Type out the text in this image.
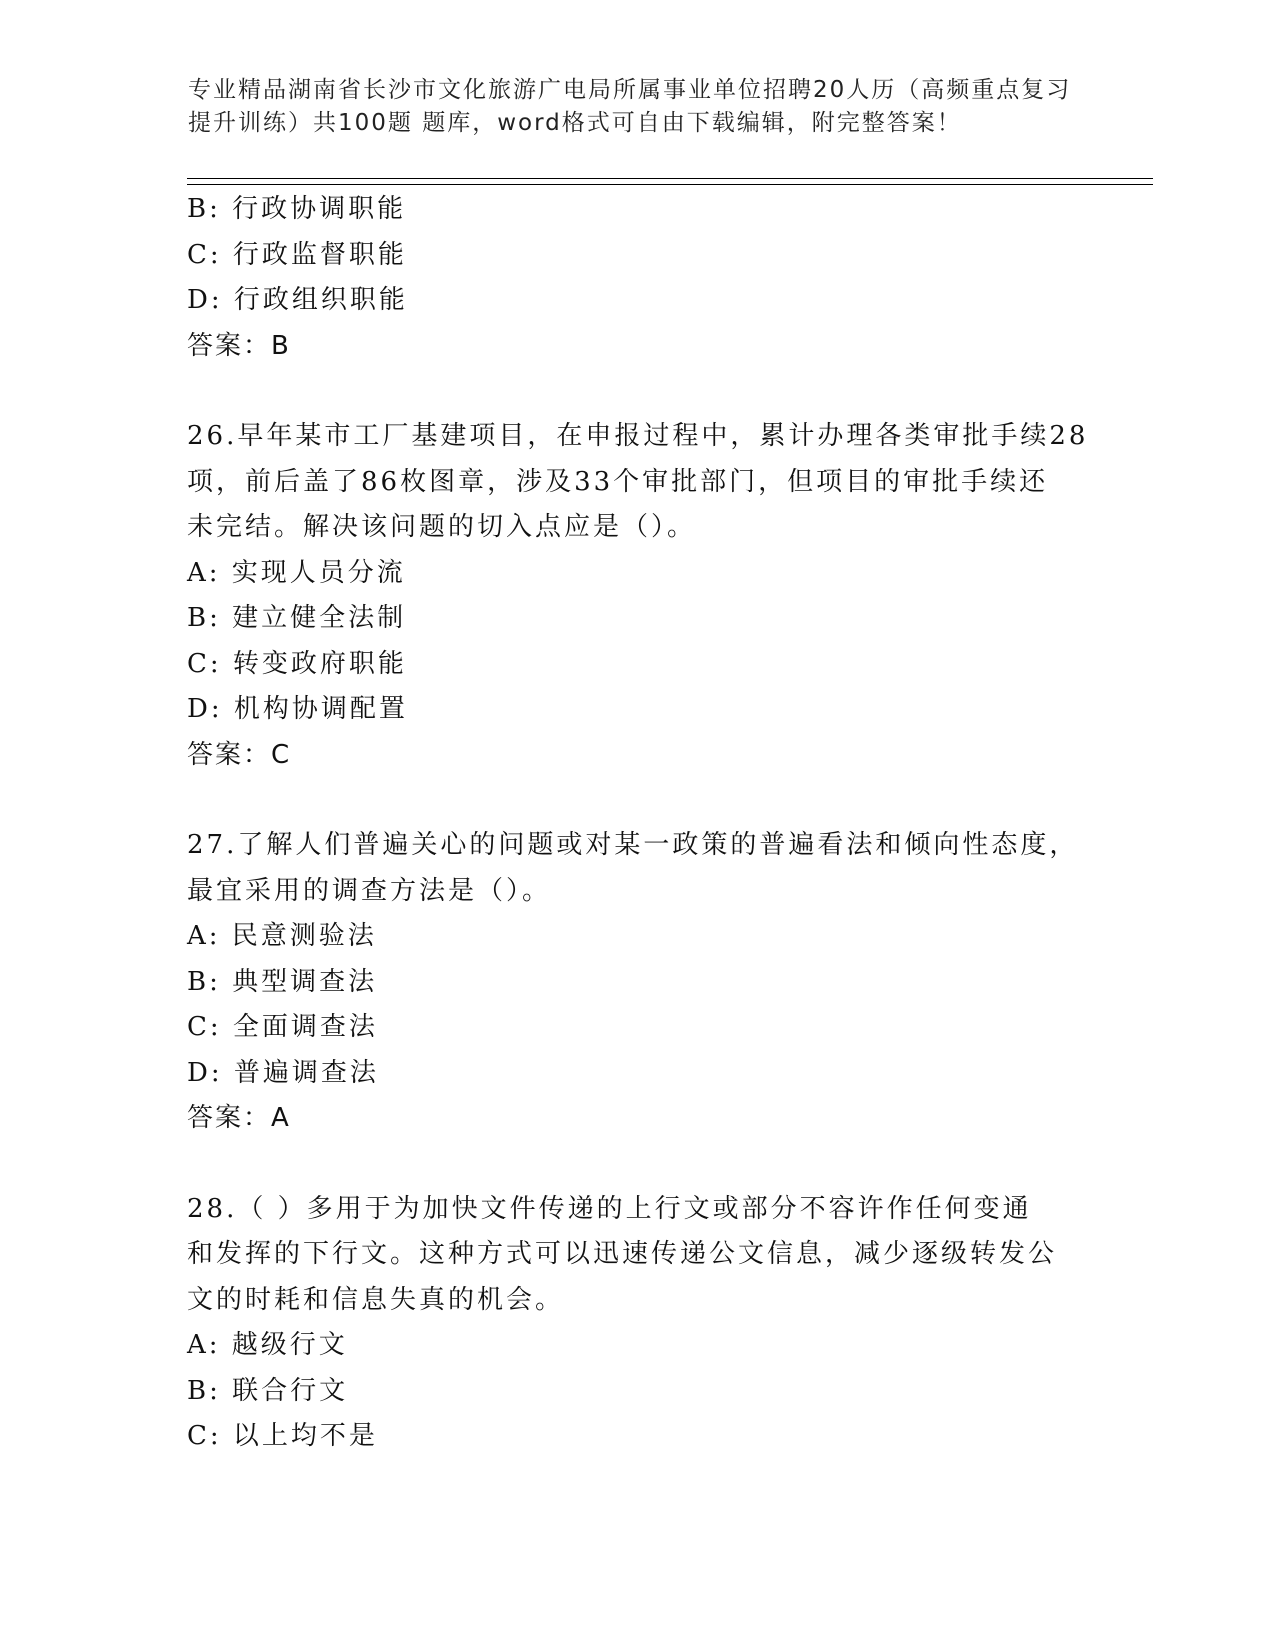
专业精品湖南省长沙市文化旅游广电局所属事业单位招聘20人历（高频重点复习
提升训练）共100题 题库，word格式可自由下载编辑，附完整答案！
B: 行政协调职能
C: 行政监督职能
D: 行政组织职能
答案：B
26.早年某市工厂基建项目，在申报过程中，累计办理各类审批手续28
项，前后盖了86枚图章，涉及33个审批部门，但项目的审批手续还
未完结。解决该问题的切入点应是（）。
A: 实现人员分流
B: 建立健全法制
C: 转变政府职能
D: 机构协调配置
答案：C
27.了解人们普遍关心的问题或对某一政策的普遍看法和倾向性态度，
最宜采用的调查方法是（）。
A: 民意测验法
B: 典型调查法
C: 全面调查法
D: 普遍调查法
答案：A
28.（ ）多用于为加快文件传递的上行文或部分不容许作任何变通
和发挥的下行文。这种方式可以迅速传递公文信息，减少逐级转发公
文的时耗和信息失真的机会。
A: 越级行文
B: 联合行文
C: 以上均不是
